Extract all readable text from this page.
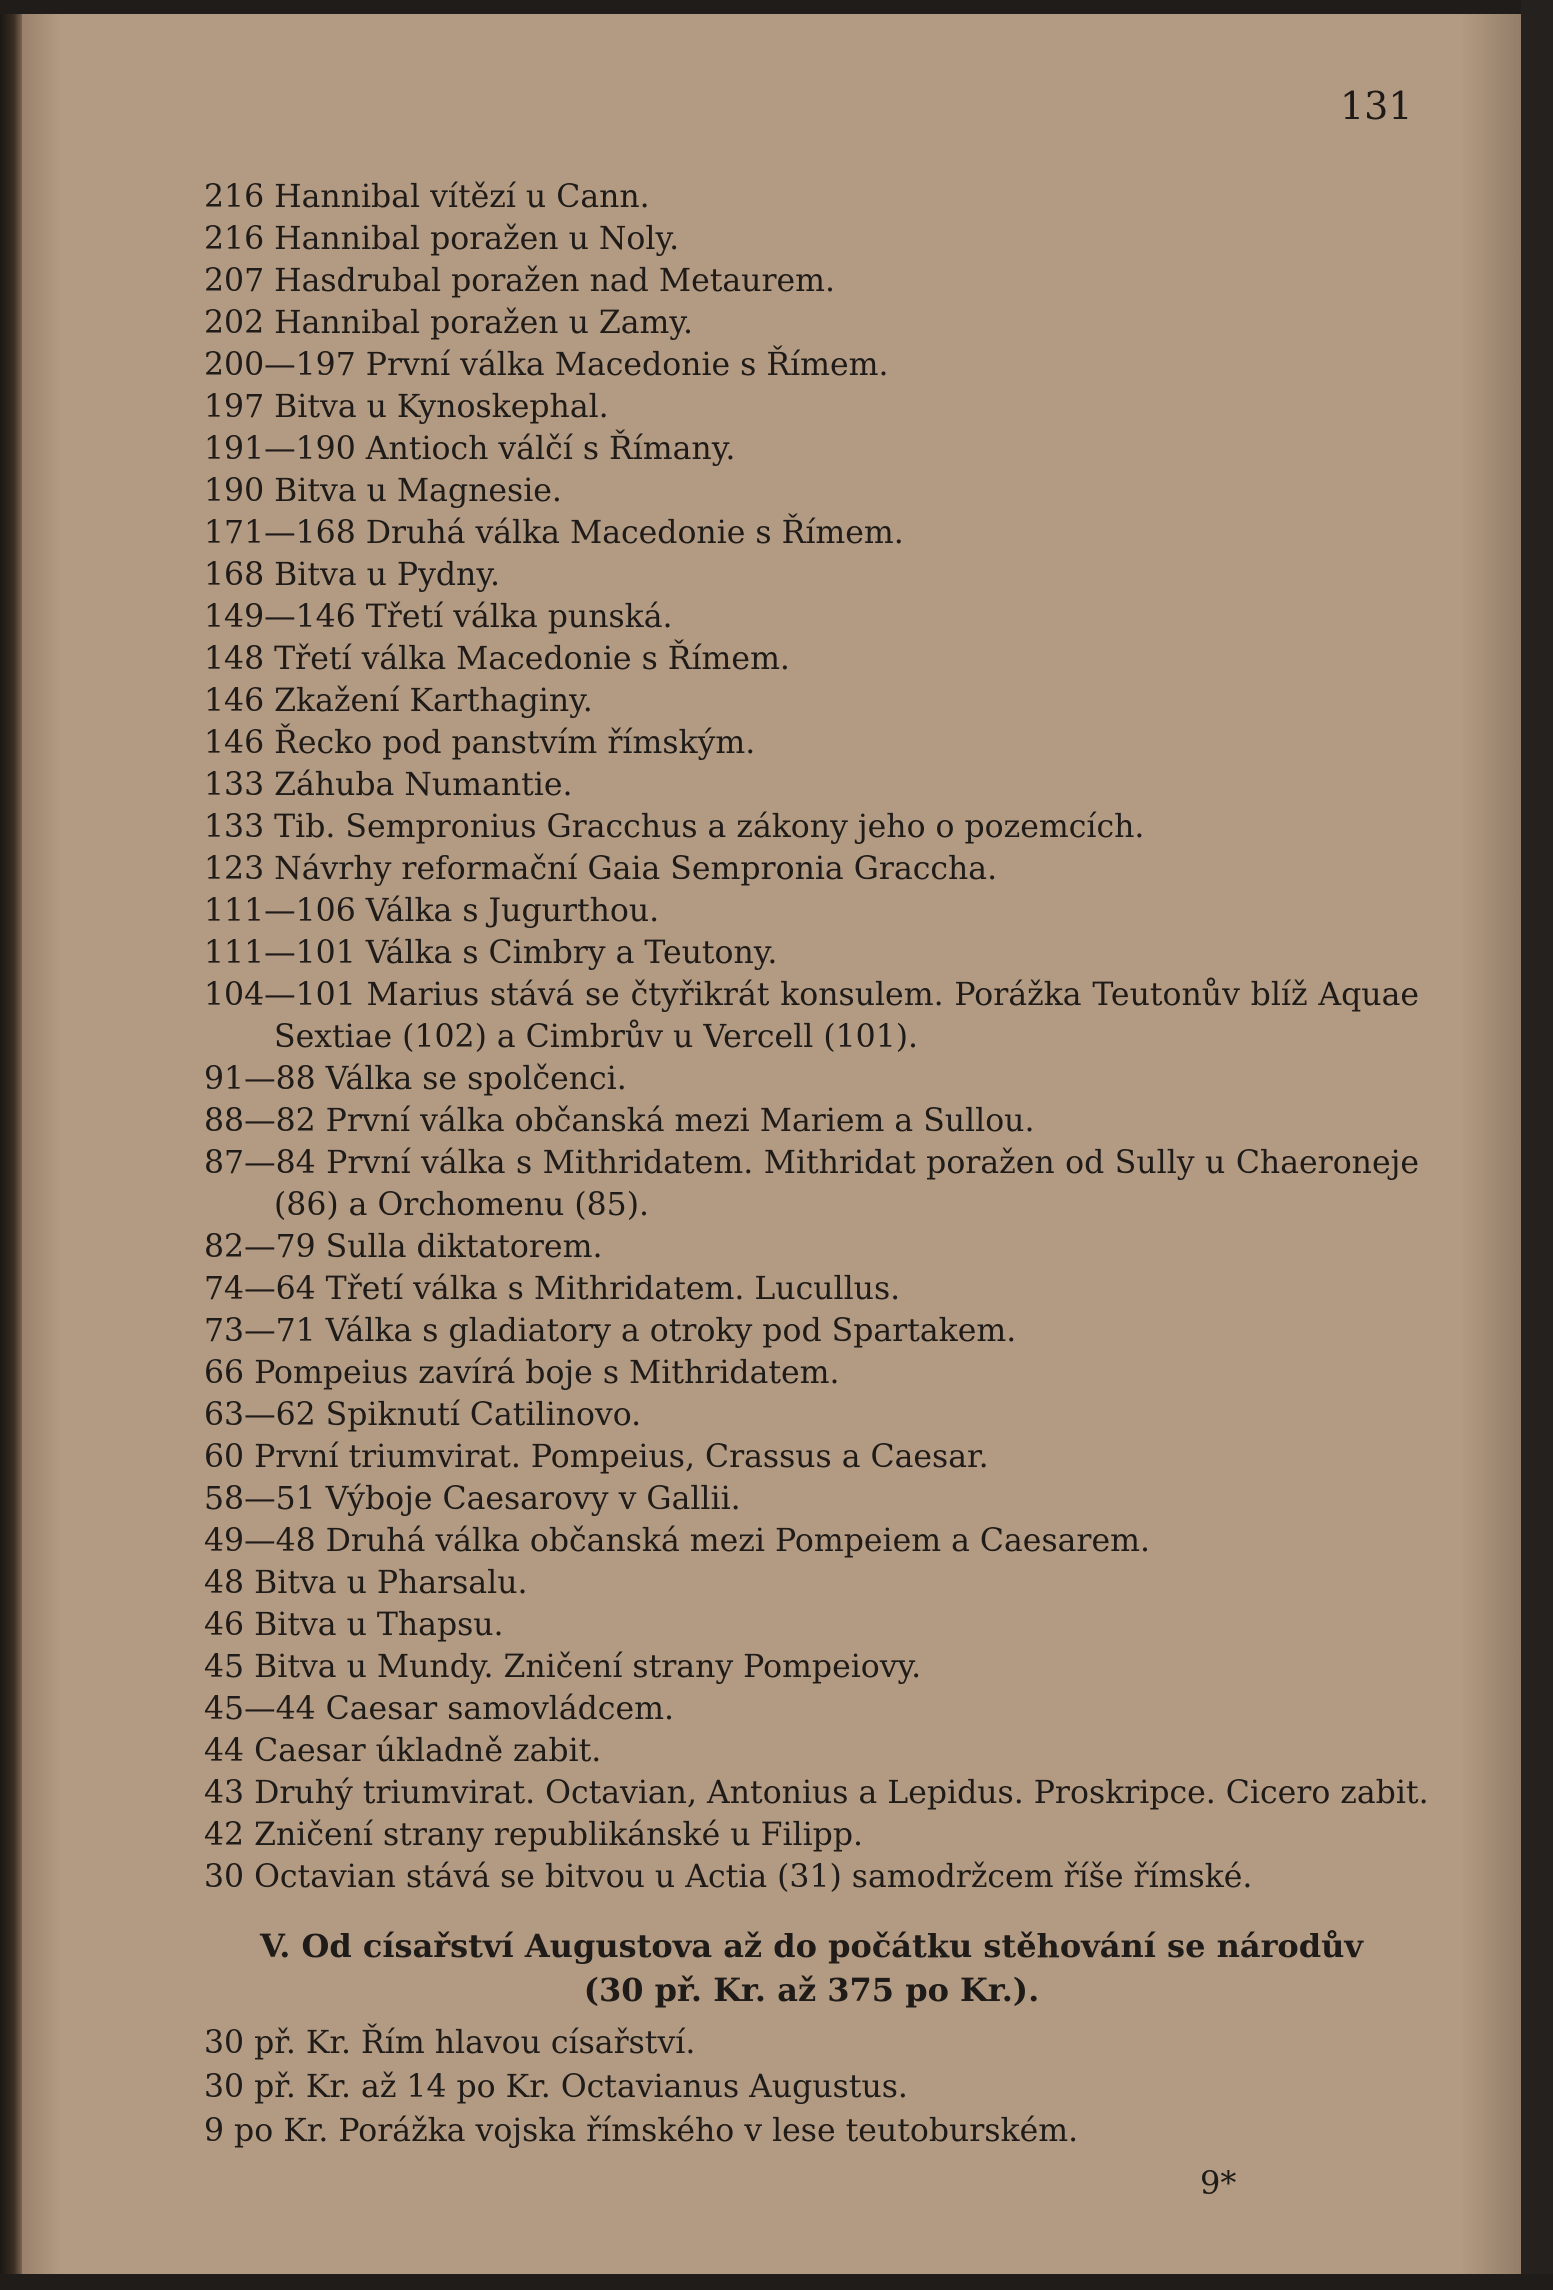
131
216 Hannibal vítězí u Cann.
216 Hannibal poražen u Noly.
207 Hasdrubal poražen nad Metaurem.
202 Hannibal poražen u Zamy.
200—197 První válka Macedonie s Římem.
197 Bitva u Kynoskephal.
191—190 Antioch válčí s Římany.
190 Bitva u Magnesie.
171—168 Druhá válka Macedonie s Římem.
168 Bitva u Pydny.
149—146 Třetí válka punská.
148 Třetí válka Macedonie s Římem.
146 Zkažení Karthaginy.
146 Řecko pod panstvím římským.
133 Záhuba Numantie.
133 Tib. Sempronius Gracchus a zákony jeho o pozemcích.
123 Návrhy reformační Gaia Sempronia Graccha.
111—106 Válka s Jugurthou.
111—101 Válka s Cimbry a Teutony.
104—101 Marius stává se čtyřikrát konsulem. Porážka Teutonův blíž Aquae Sextiae (102) a Cimbrův u Vercell (101).
91—88 Válka se spolčenci.
88—82 První válka občanská mezi Mariem a Sullou.
87—84 První válka s Mithridatem. Mithridat poražen od Sully u Chaeroneje (86) a Orchomenu (85).
82—79 Sulla diktatorem.
74—64 Třetí válka s Mithridatem. Lucullus.
73—71 Válka s gladiatory a otroky pod Spartakem.
66 Pompeius zavírá boje s Mithridatem.
63—62 Spiknutí Catilinovo.
60 První triumvirat. Pompeius, Crassus a Caesar.
58—51 Výboje Caesarovy v Gallii.
49—48 Druhá válka občanská mezi Pompeiem a Caesarem.
48 Bitva u Pharsalu.
46 Bitva u Thapsu.
45 Bitva u Mundy. Zničení strany Pompeiovy.
45—44 Caesar samovládcem.
44 Caesar úkladně zabit.
43 Druhý triumvirat. Octavian, Antonius a Lepidus. Proskripce. Cicero zabit.
42 Zničení strany republikánské u Filipp.
30 Octavian stává se bitvou u Actia (31) samodržcem říše římské.
V. Od císařství Augustova až do počátku stěhování se národův
(30 př. Kr. až 375 po Kr.).
30 př. Kr. Řím hlavou císařství.
30 př. Kr. až 14 po Kr. Octavianus Augustus.
9 po Kr. Porážka vojska římského v lese teutoburském.
9*
